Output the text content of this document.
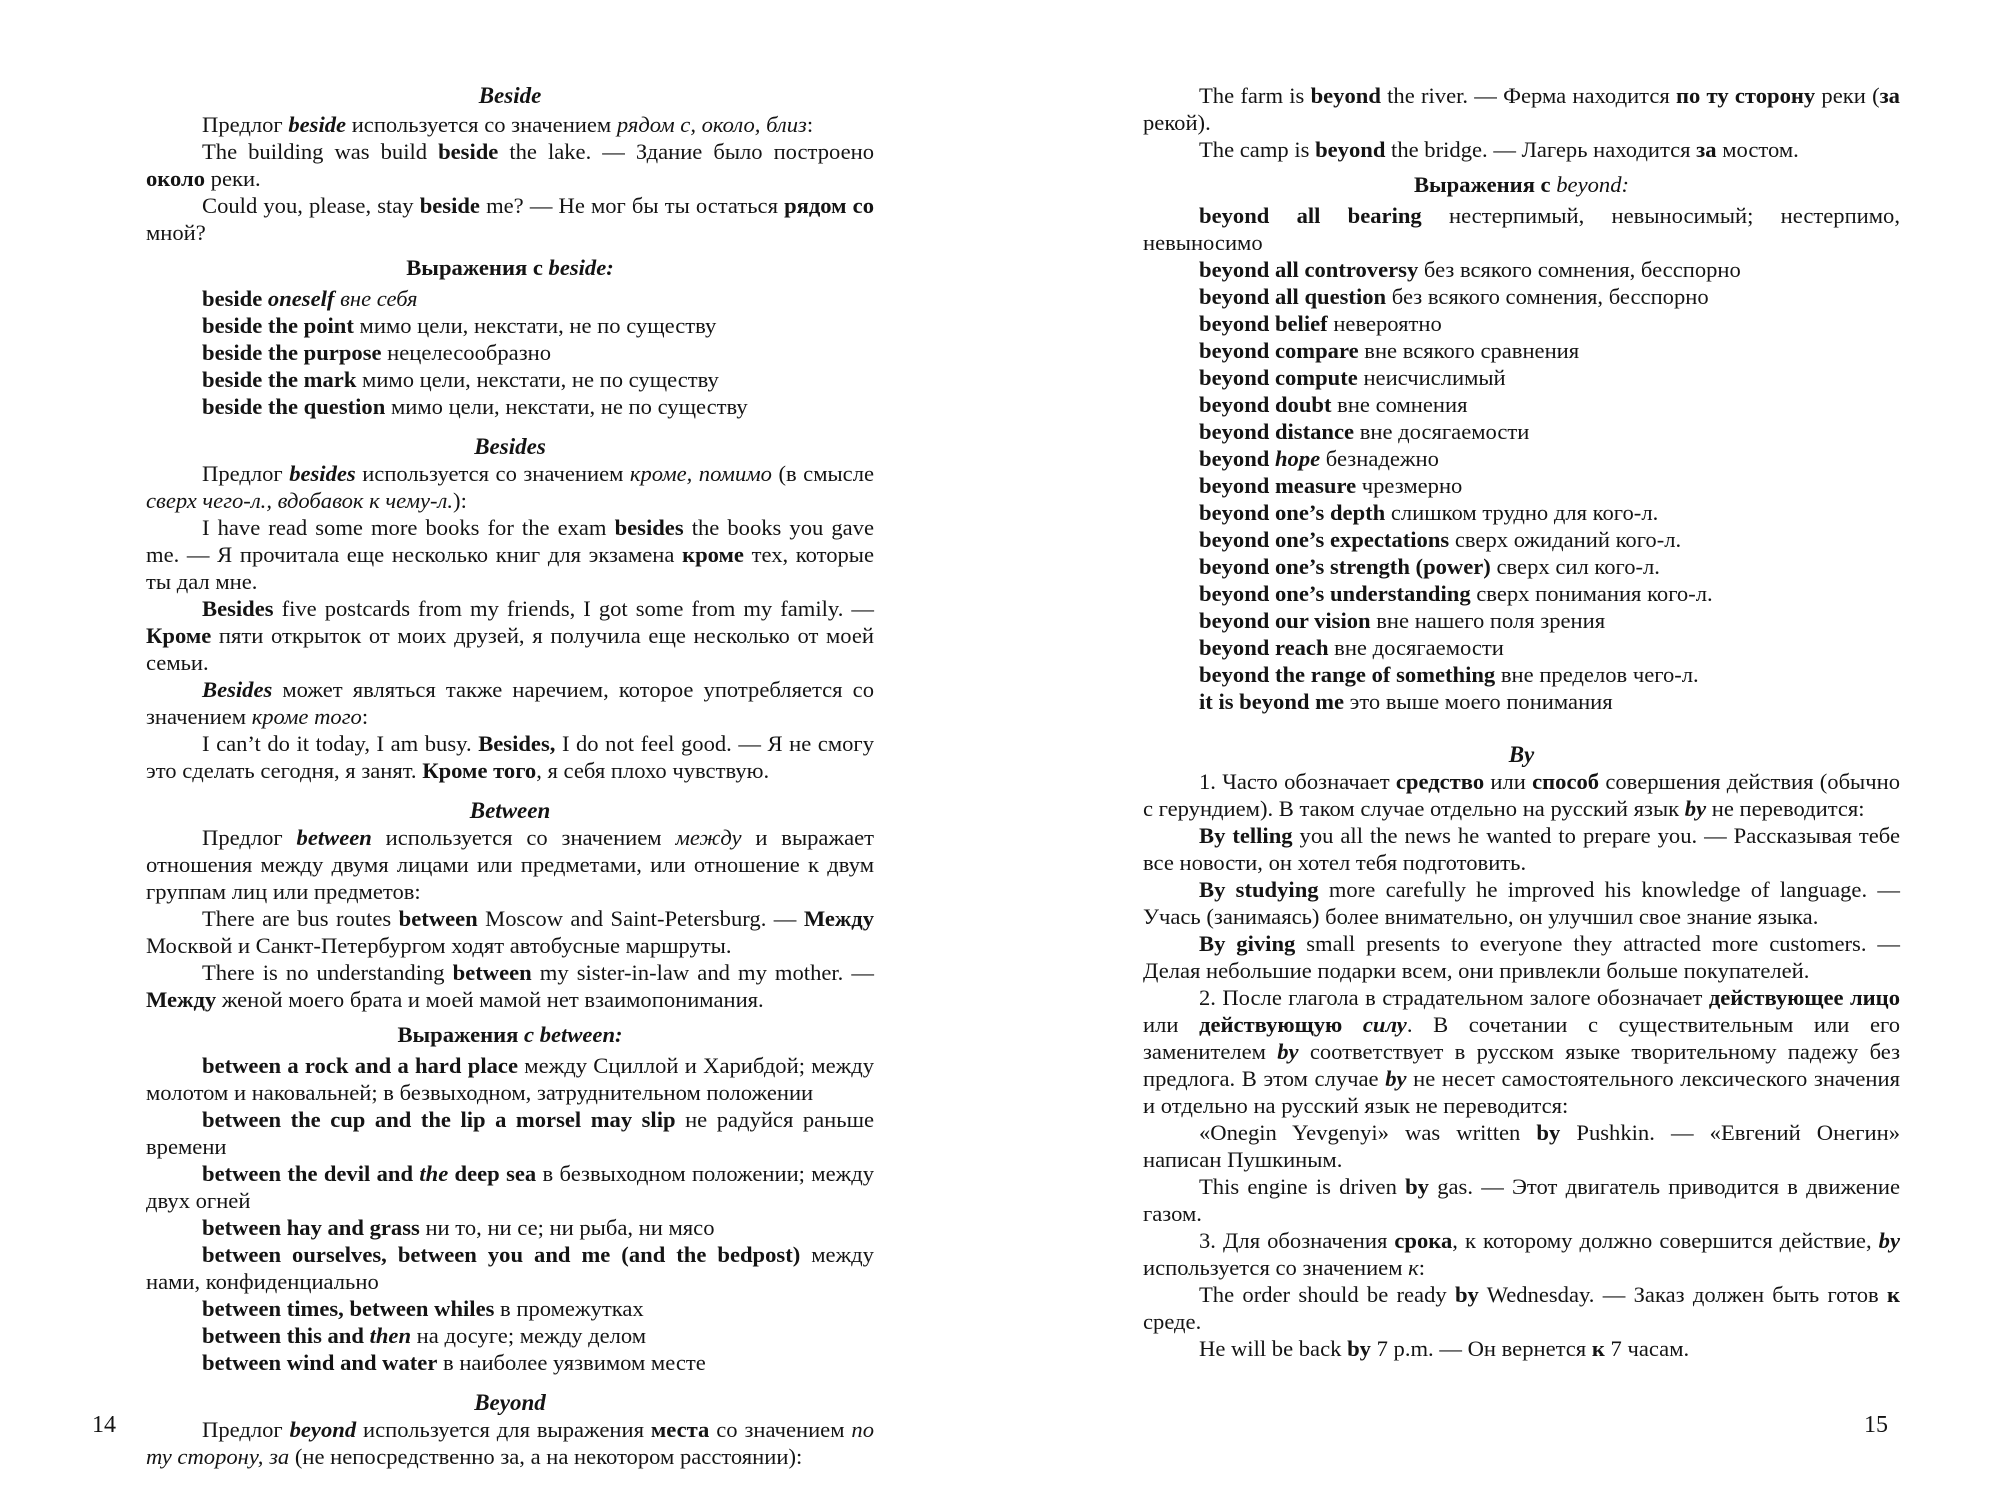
Beside
Предлог beside используется со значением рядом с, около, близ:
The building was build beside the lake. — Здание было построено около реки.
Could you, please, stay beside me? — Не мог бы ты остаться рядом со мной?
Выражения с beside:
beside oneself вне себя
beside the point мимо цели, некстати, не по существу
beside the purpose нецелесообразно
beside the mark мимо цели, некстати, не по существу
beside the question мимо цели, некстати, не по существу
Besides
Предлог besides используется со значением кроме, помимо (в смысле сверх чего-л., вдобавок к чему-л.):
I have read some more books for the exam besides the books you gave me. — Я прочитала еще несколько книг для экзамена кроме тех, которые ты дал мне.
Besides five postcards from my friends, I got some from my family. — Кроме пяти открыток от моих друзей, я получила еще несколько от моей семьи.
Besides может являться также наречием, которое употребляется со значением кроме того:
I can’t do it today, I am busy. Besides, I do not feel good. — Я не смогу это сделать сегодня, я занят. Кроме того, я себя плохо чувствую.
Between
Предлог between используется со значением между и выражает отношения между двумя лицами или предметами, или отношение к двум группам лиц или предметов:
There are bus routes between Moscow and Saint-Petersburg. — Между Москвой и Санкт-Петербургом ходят автобусные маршруты.
There is no understanding between my sister-in-law and my mother. — Между женой моего брата и моей мамой нет взаимопонимания.
Выражения с between:
between a rock and a hard place между Сциллой и Харибдой; между молотом и наковальней; в безвыходном, затруднительном положении
between the cup and the lip a morsel may slip не радуйся раньше времени
between the devil and the deep sea в безвыходном положении; между двух огней
between hay and grass ни то, ни се; ни рыба, ни мясо
between ourselves, between you and me (and the bedpost) между нами, конфиденциально
between times, between whiles в промежутках
between this and then на досуге; между делом
between wind and water в наиболее уязвимом месте
Beyond
Предлог beyond используется для выражения места со значением по ту сторону, за (не непосредственно за, а на некотором расстоянии):
The farm is beyond the river. — Ферма находится по ту сторону реки (за рекой).
The camp is beyond the bridge. — Лагерь находится за мостом.
Выражения с beyond:
beyond all bearing нестерпимый, невыносимый; нестерпимо, невыносимо
beyond all controversy без всякого сомнения, бесспорно
beyond all question без всякого сомнения, бесспорно
beyond belief невероятно
beyond compare вне всякого сравнения
beyond compute неисчислимый
beyond doubt вне сомнения
beyond distance вне досягаемости
beyond hope безнадежно
beyond measure чрезмерно
beyond one’s depth слишком трудно для кого-л.
beyond one’s expectations сверх ожиданий кого-л.
beyond one’s strength (power) сверх сил кого-л.
beyond one’s understanding сверх понимания кого-л.
beyond our vision вне нашего поля зрения
beyond reach вне досягаемости
beyond the range of something вне пределов чего-л.
it is beyond me это выше моего понимания
By
1. Часто обозначает средство или способ совершения действия (обычно с герундием). В таком случае отдельно на русский язык by не переводится:
By telling you all the news he wanted to prepare you. — Рассказывая тебе все новости, он хотел тебя подготовить.
By studying more carefully he improved his knowledge of language. — Учась (занимаясь) более внимательно, он улучшил свое знание языка.
By giving small presents to everyone they attracted more customers. — Делая небольшие подарки всем, они привлекли больше покупателей.
2. После глагола в страдательном залоге обозначает действующее лицо или действующую силу. В сочетании с существительным или его заменителем by соответствует в русском языке творительному падежу без предлога. В этом случае by не несет самостоятельного лексического значения и отдельно на русский язык не переводится:
«Onegin Yevgenyi» was written by Pushkin. — «Евгений Онегин» написан Пушкиным.
This engine is driven by gas. — Этот двигатель приводится в движение газом.
3. Для обозначения срока, к которому должно совершится действие, by используется со значением к:
The order should be ready by Wednesday. — Заказ должен быть готов к среде.
He will be back by 7 p.m. — Он вернется к 7 часам.
14	15
